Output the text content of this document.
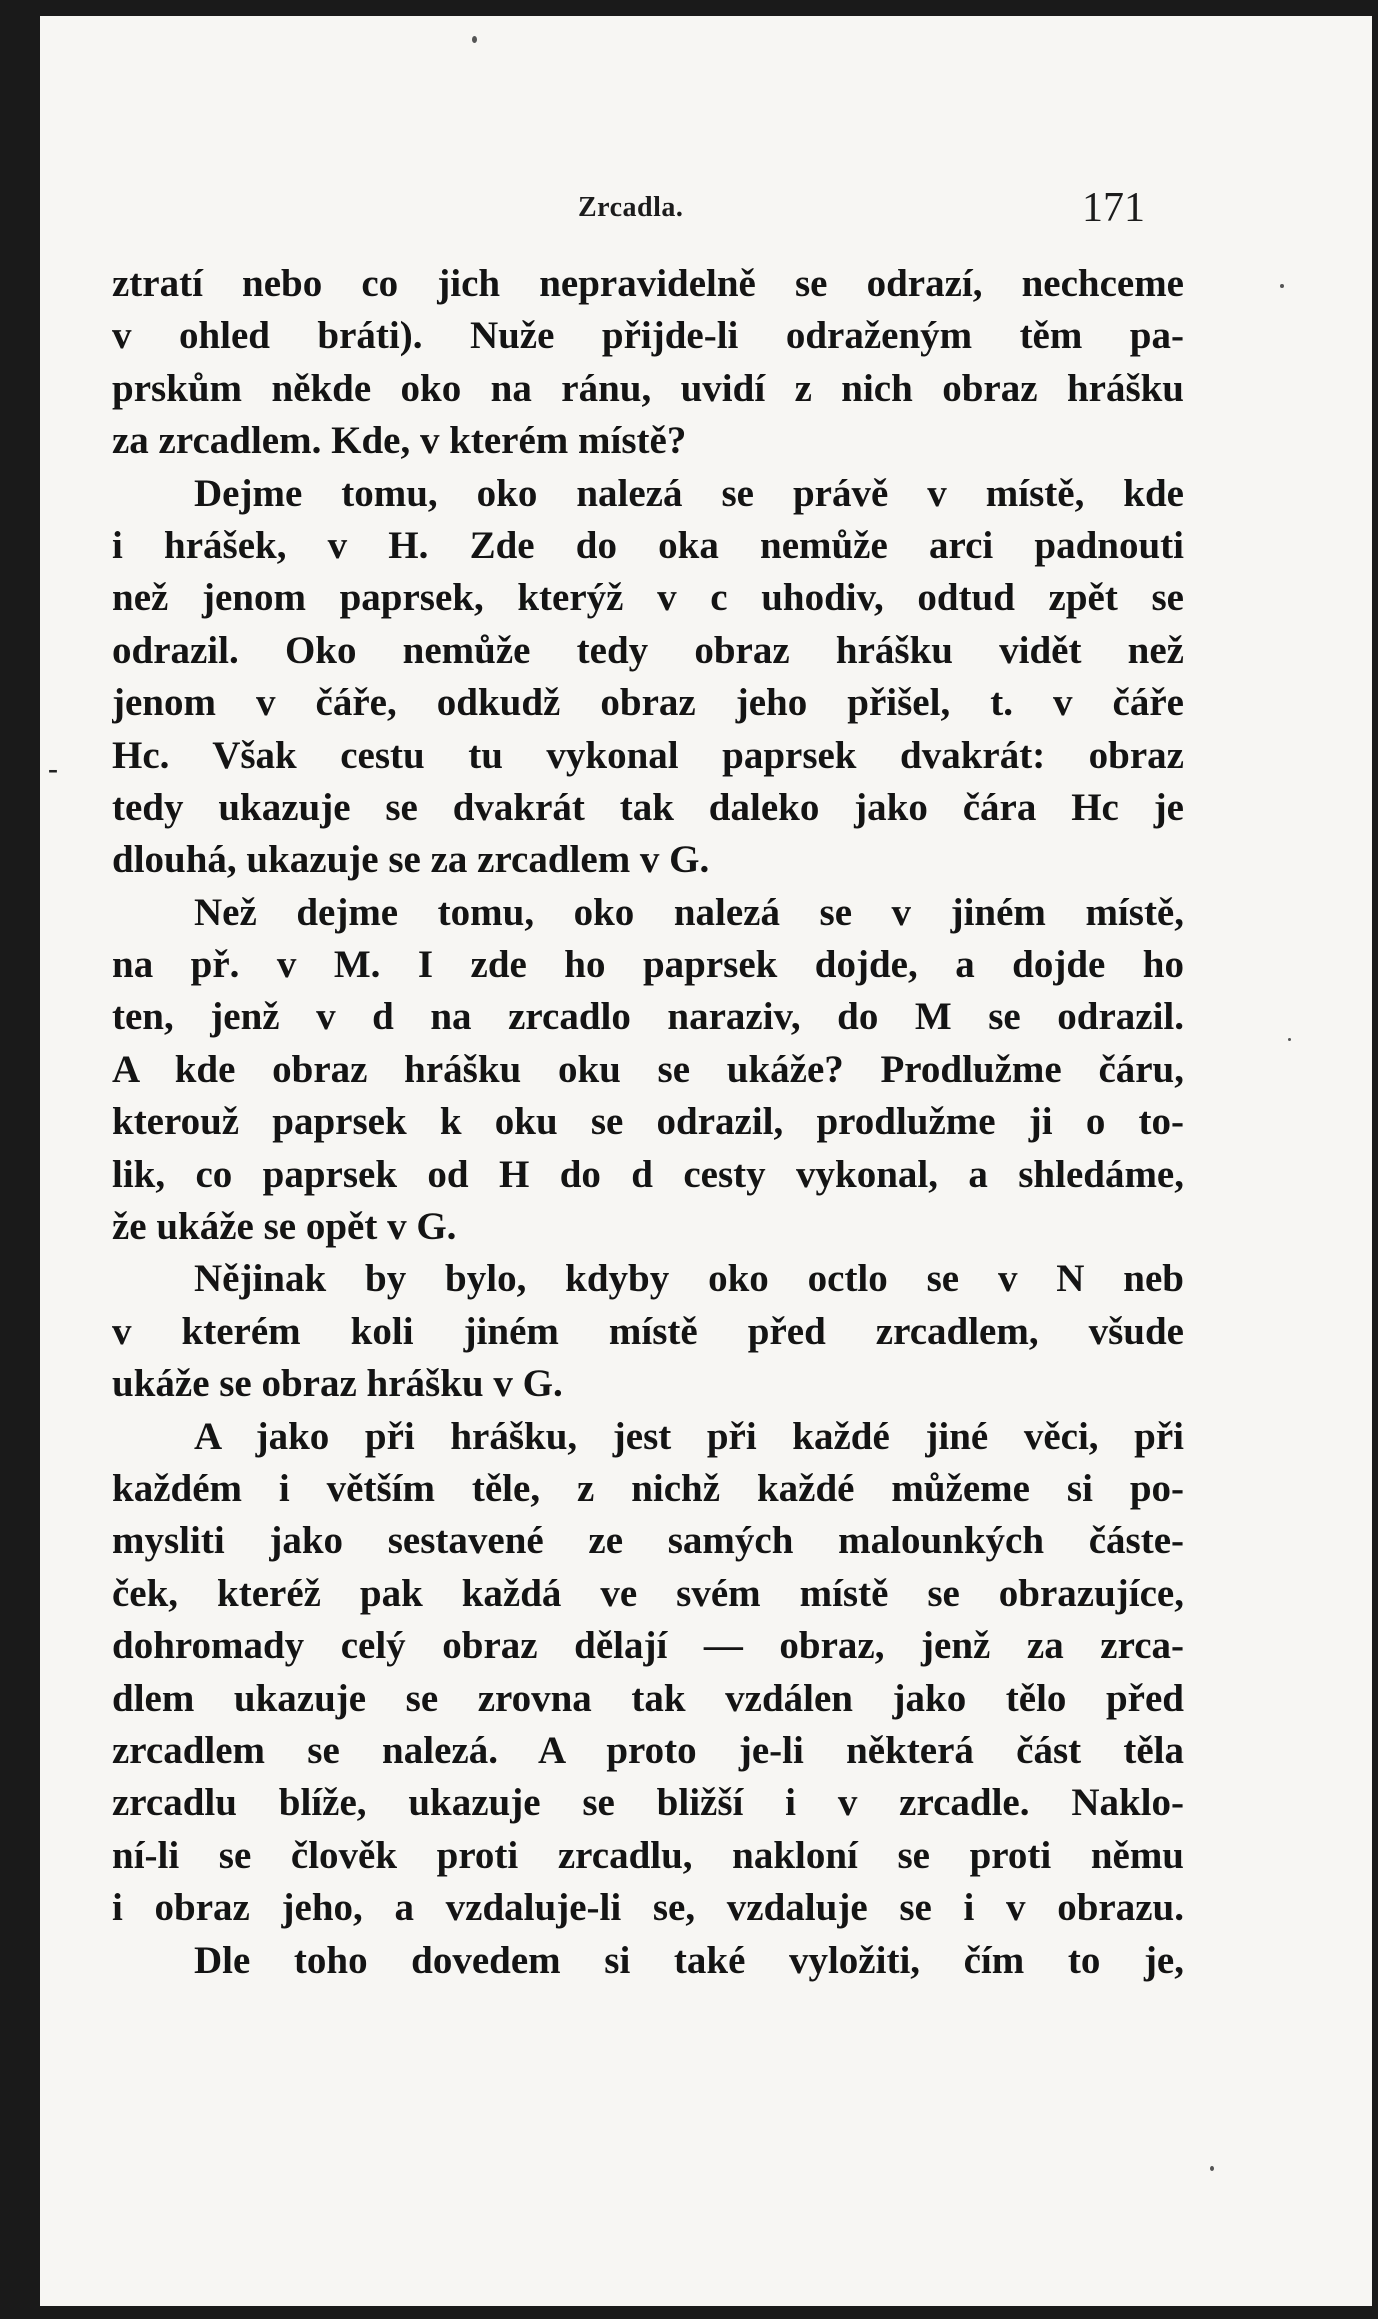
Zrcadla.	171
-
ztratí nebo co jich nepravidelně se odrazí, nechceme
v ohled bráti). Nuže přijde-li odraženým těm pa-
prskům někde oko na ránu, uvidí z nich obraz hrášku
za zrcadlem. Kde, v kterém místě?
Dejme tomu, oko nalezá se právě v místě, kde
i hrášek, v H. Zde do oka nemůže arci padnouti
než jenom paprsek, kterýž v c uhodiv, odtud zpět se
odrazil. Oko nemůže tedy obraz hrášku vidět než
jenom v čáře, odkudž obraz jeho přišel, t. v čáře
Hc. Však cestu tu vykonal paprsek dvakrát: obraz
tedy ukazuje se dvakrát tak daleko jako čára Hc je
dlouhá, ukazuje se za zrcadlem v G.
Než dejme tomu, oko nalezá se v jiném místě,
na př. v M. I zde ho paprsek dojde, a dojde ho
ten, jenž v d na zrcadlo naraziv, do M se odrazil.
A kde obraz hrášku oku se ukáže? Prodlužme čáru,
kterouž paprsek k oku se odrazil, prodlužme ji o to-
lik, co paprsek od H do d cesty vykonal, a shledáme,
že ukáže se opět v G.
Nějinak by bylo, kdyby oko octlo se v N neb
v kterém koli jiném místě před zrcadlem, všude
ukáže se obraz hrášku v G.
A jako při hrášku, jest při každé jiné věci, při
každém i větším těle, z nichž každé můžeme si po-
mysliti jako sestavené ze samých malounkých částe-
ček, kteréž pak každá ve svém místě se obrazujíce,
dohromady celý obraz dělají — obraz, jenž za zrca-
dlem ukazuje se zrovna tak vzdálen jako tělo před
zrcadlem se nalezá. A proto je-li některá část těla
zrcadlu blíže, ukazuje se bližší i v zrcadle. Naklo-
ní-li se člověk proti zrcadlu, nakloní se proti němu
i obraz jeho, a vzdaluje-li se, vzdaluje se i v obrazu.
Dle toho dovedem si také vyložiti, čím to je,
